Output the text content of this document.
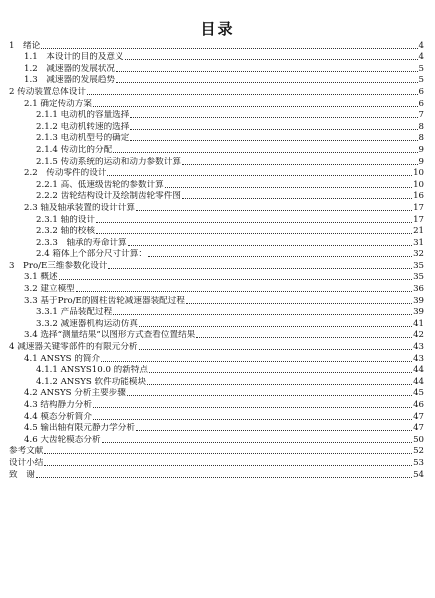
目录
1　绪论	4
1.1　本设计的目的及意义	4
1.2　减速器的发展状况	5
1.3　减速器的发展趋势	5
2 传动装置总体设计	6
2.1 确定传动方案	6
2.1.1 电动机的容量选择	7
2.1.2 电动机转速的选择	8
2.1.3 电动机型号的确定	8
2.1.4 传动比的分配	9
2.1.5 传动系统的运动和动力参数计算	9
2.2　传动零件的设计	10
2.2.1 高、低速级齿轮的参数计算	10
2.2.2 齿轮结构设计及绘制齿轮零件图	16
2.3 轴及轴承装置的设计计算	17
2.3.1 轴的设计	17
2.3.2 轴的校核	21
2.3.3　轴承的寿命计算	31
2.4 箱体上个部分尺寸计算：	32
3　Pro/E三维参数化设计	35
3.1 概述	35
3.2 建立模型	36
3.3 基于Pro/E的圆柱齿轮减速器装配过程	39
3.3.1 产品装配过程	39
3.3.2 减速器机构运动仿真	41
3.4 选择“测量结果”以图形方式查看位置结果	42
4 减速器关键零部件的有限元分析	43
4.1 ANSYS 的简介	43
4.1.1 ANSYS10.0 的新特点	44
4.1.2 ANSYS 软件功能模块	44
4.2 ANSYS 分析主要步骤	45
4.3 结构静力分析	46
4.4 模态分析简介	47
4.5 输出轴有限元静力学分析	47
4.6 大齿轮模态分析	50
参考文献	52
设计小结	53
致　谢	54
